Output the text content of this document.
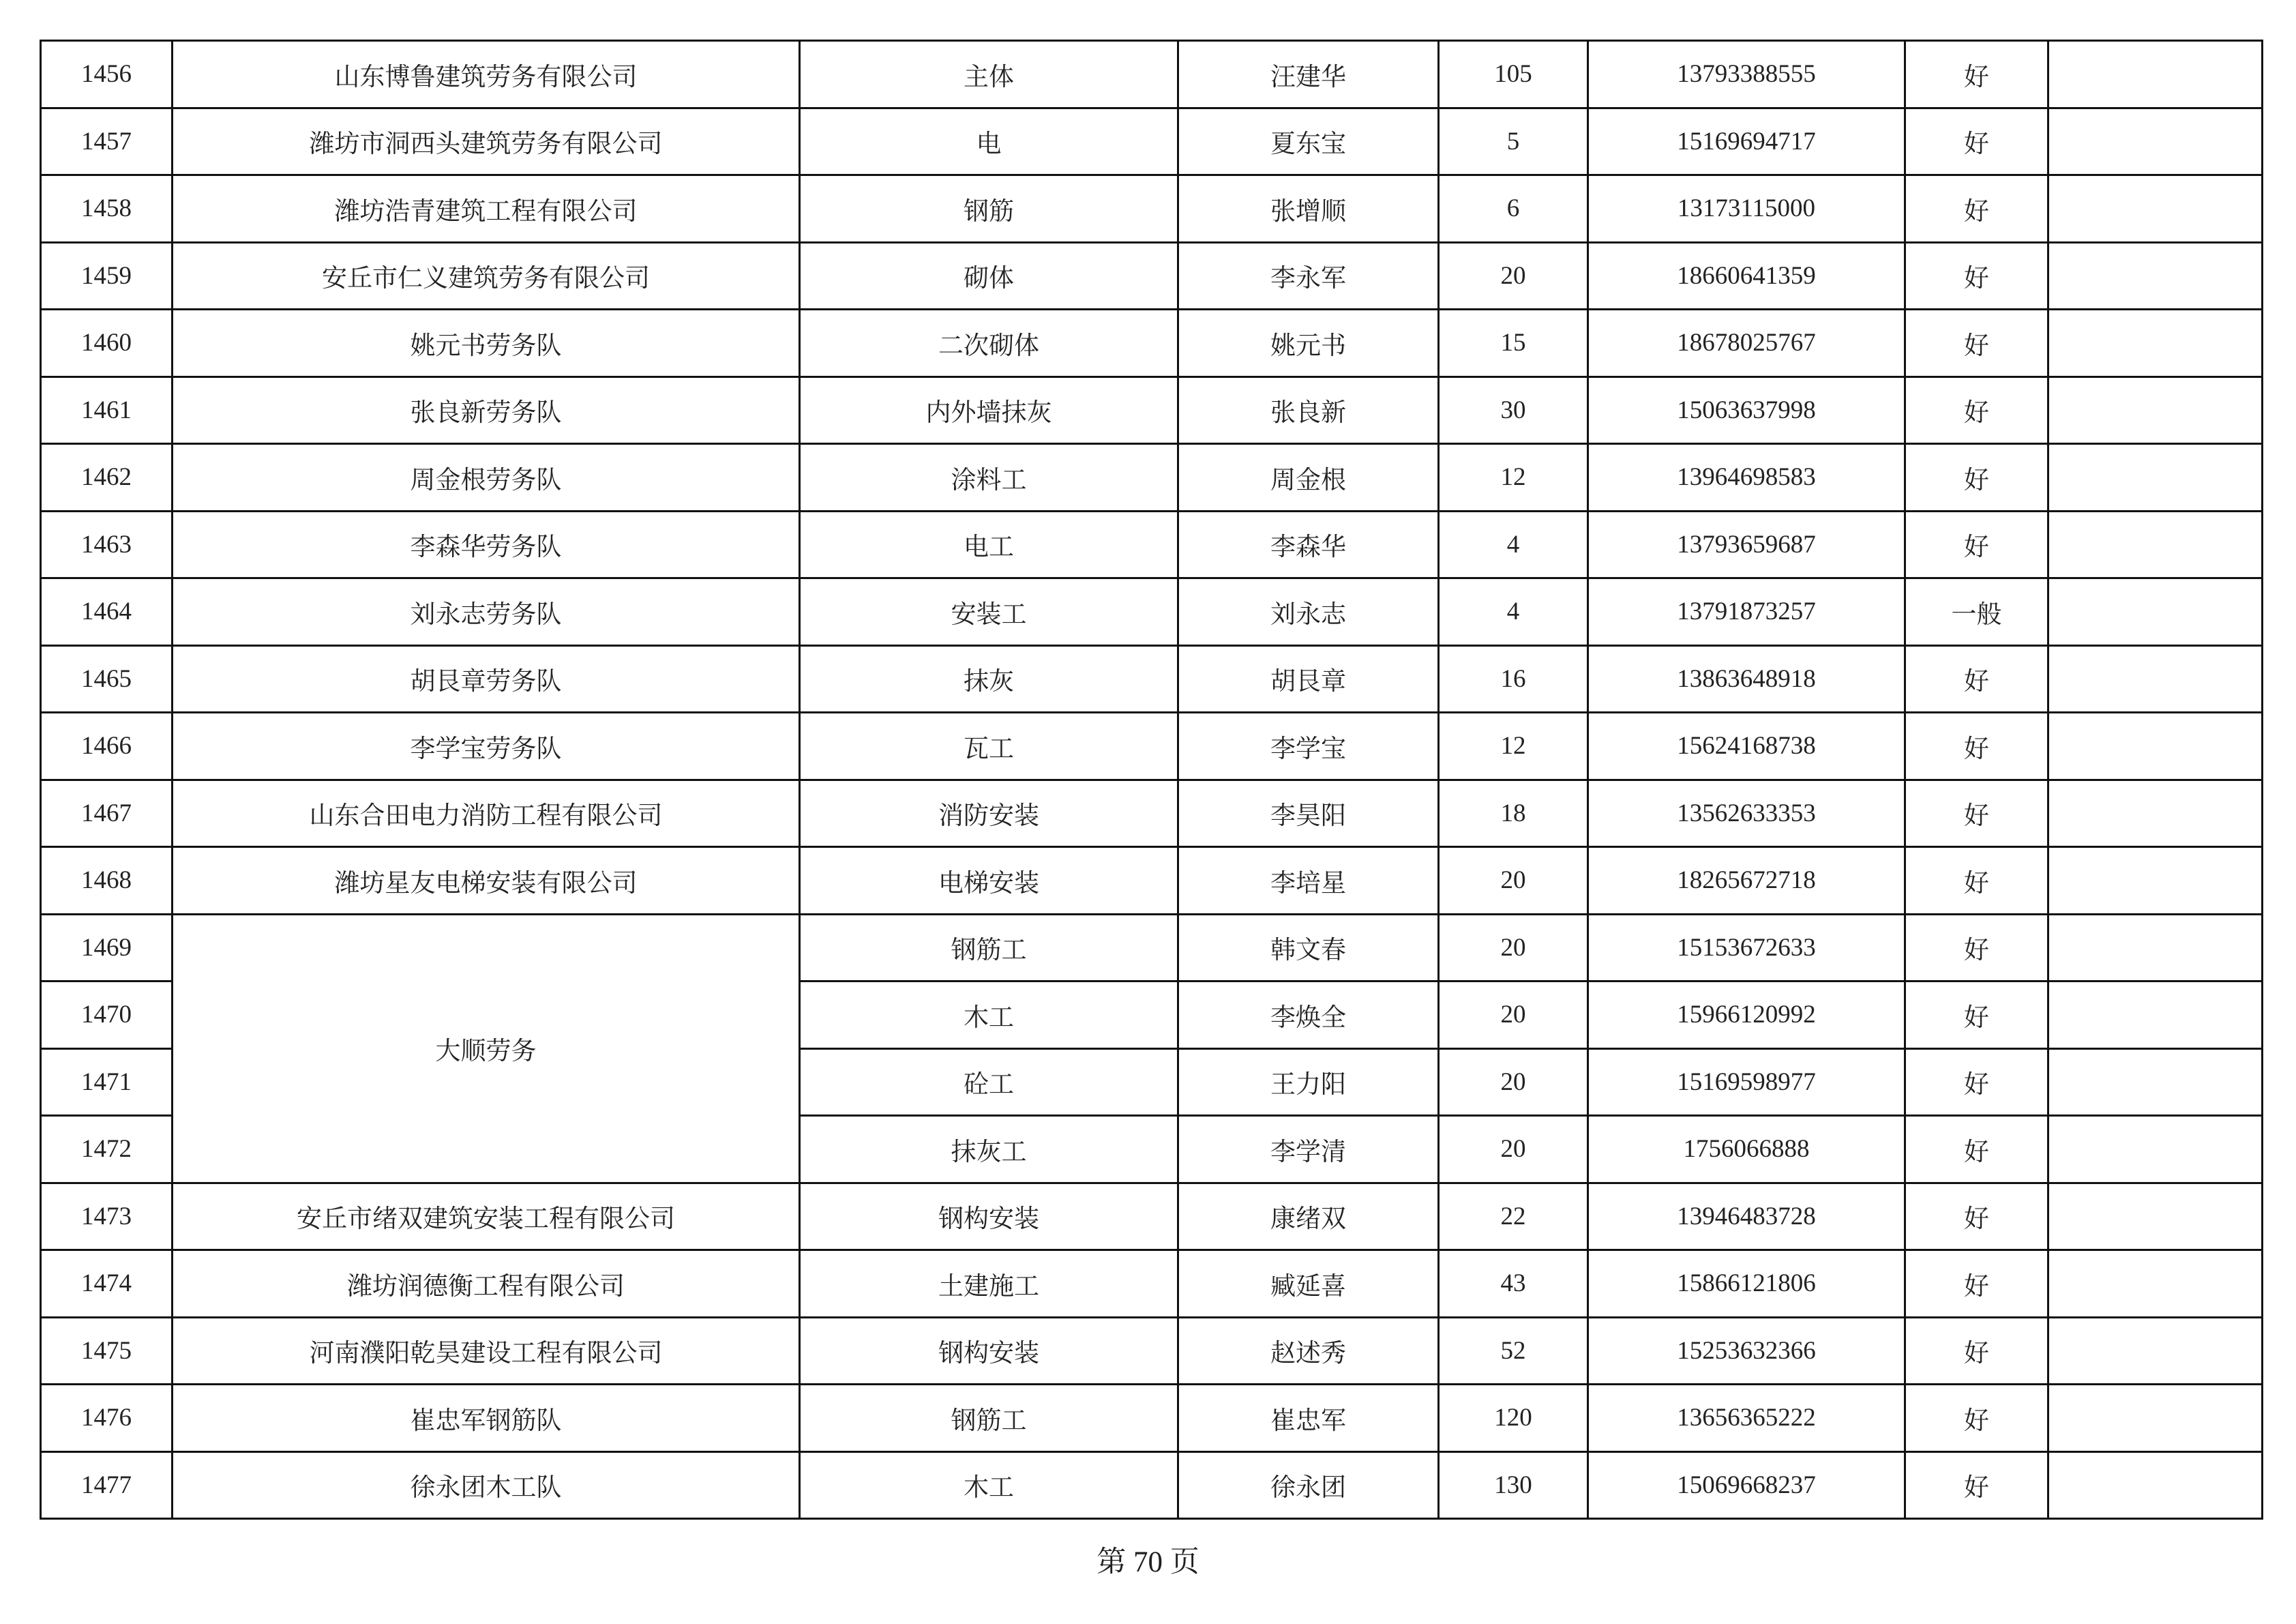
1456	山东博鲁建筑劳务有限公司	主体	汪建华	105	13793388555	好	
1457	潍坊市洞西头建筑劳务有限公司	电	夏东宝	5	15169694717	好	
1458	潍坊浩青建筑工程有限公司	钢筋	张增顺	6	13173115000	好	
1459	安丘市仁义建筑劳务有限公司	砌体	李永军	20	18660641359	好	
1460	姚元书劳务队	二次砌体	姚元书	15	18678025767	好	
1461	张良新劳务队	内外墙抹灰	张良新	30	15063637998	好	
1462	周金根劳务队	涂料工	周金根	12	13964698583	好	
1463	李森华劳务队	电工	李森华	4	13793659687	好	
1464	刘永志劳务队	安装工	刘永志	4	13791873257	一般	
1465	胡艮章劳务队	抹灰	胡艮章	16	13863648918	好	
1466	李学宝劳务队	瓦工	李学宝	12	15624168738	好	
1467	山东合田电力消防工程有限公司	消防安装	李昊阳	18	13562633353	好	
1468	潍坊星友电梯安装有限公司	电梯安装	李培星	20	18265672718	好	
1469	大顺劳务	钢筋工	韩文春	20	15153672633	好	
1470		木工	李焕全	20	15966120992	好	
1471		砼工	王力阳	20	15169598977	好	
1472		抹灰工	李学清	20	1756066888	好	
1473	安丘市绪双建筑安装工程有限公司	钢构安装	康绪双	22	13946483728	好	
1474	潍坊润德衡工程有限公司	土建施工	臧延喜	43	15866121806	好	
1475	河南濮阳乾昊建设工程有限公司	钢构安装	赵述秀	52	15253632366	好	
1476	崔忠军钢筋队	钢筋工	崔忠军	120	13656365222	好	
1477	徐永团木工队	木工	徐永团	130	15069668237	好	
第 70 页
